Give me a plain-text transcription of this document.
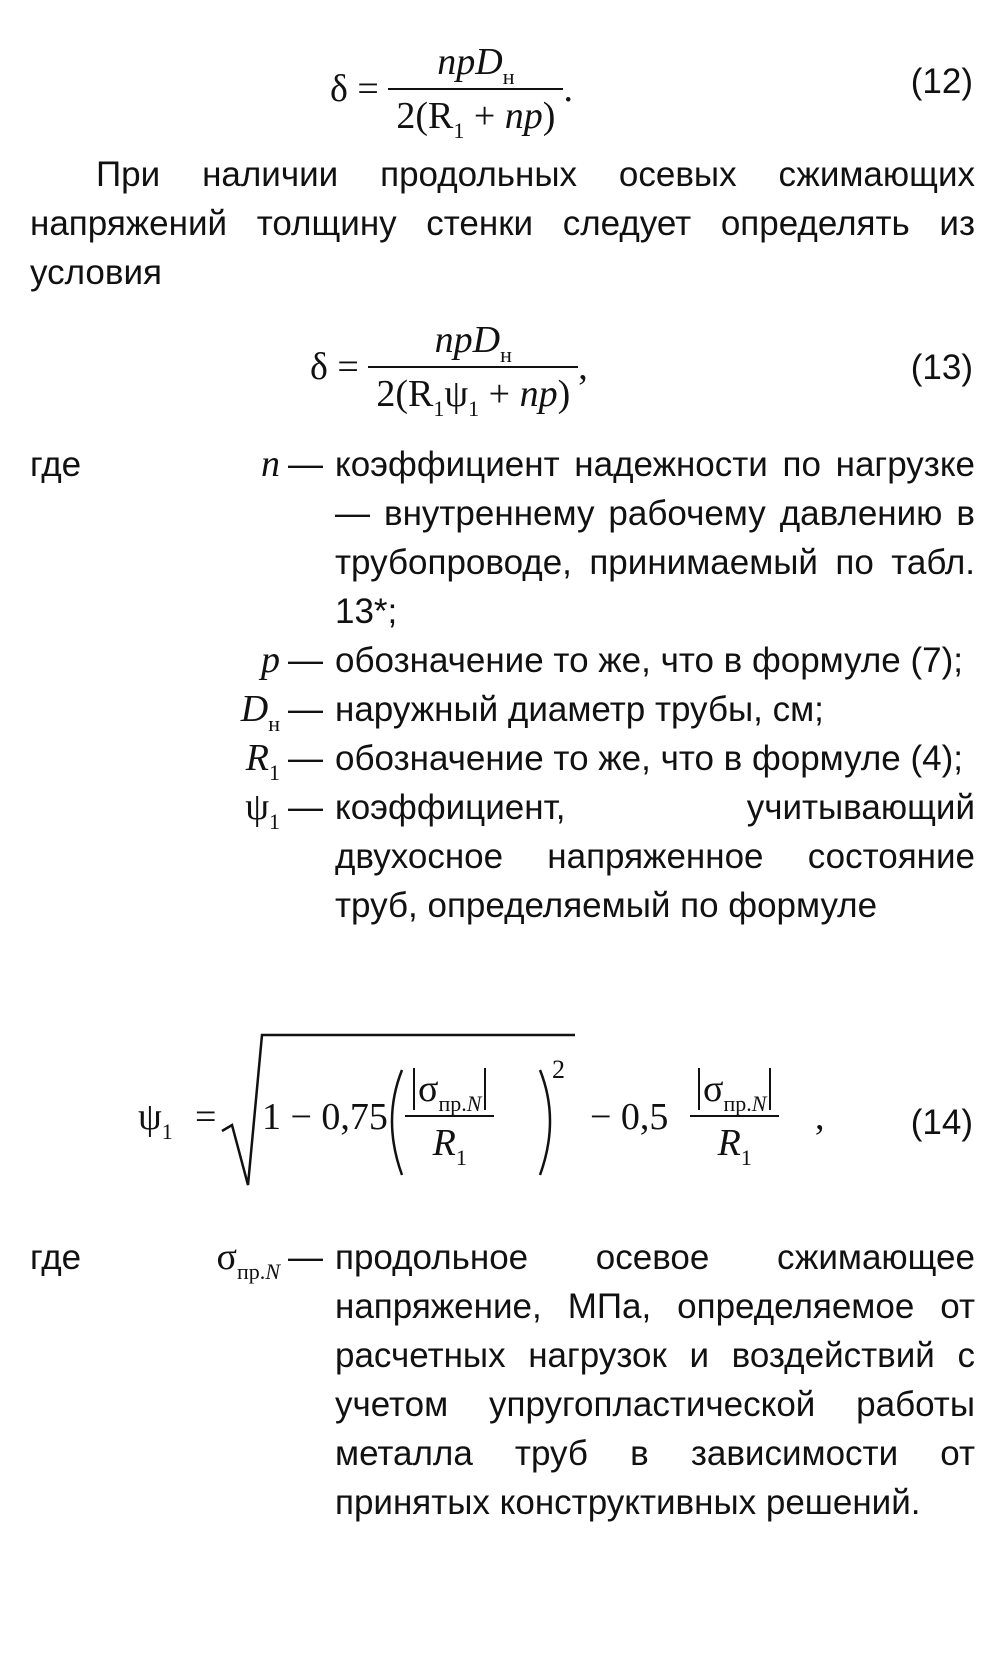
$\delta = \frac{npD_н}{2(R_1 + np)}$ .	(12)
При наличии продольных осевых сжимающих напряжений толщину стенки следует определять из условия
$\delta = \frac{npD_н}{2(R_1\psi_1 + np)}$ ,	(13)
где	n — коэффициент надежности по нагрузке — внутреннему рабочему давлению в трубопроводе, принимаемый по табл. 13*;
p — обозначение то же, что в формуле (7);
$D_н$ — наружный диаметр трубы, см;
$R_1$ — обозначение то же, что в формуле (4);
$\psi_1$ — коэффициент, учитывающий двухосное напряженное состояние труб, определяемый по формуле
$\psi_1 = 1 - 0,75$
$\sigma_{пр.N}$
$R_1$
2
− 0,5
$\sigma_{пр.N}$
$R_1$
, (14)
где	$\sigma_{пр.N}$ — продольное осевое сжимающее напряжение, МПа, определяемое от расчетных нагрузок и воздействий с учетом упругопластической работы металла труб в зависимости от принятых конструктивных решений.
